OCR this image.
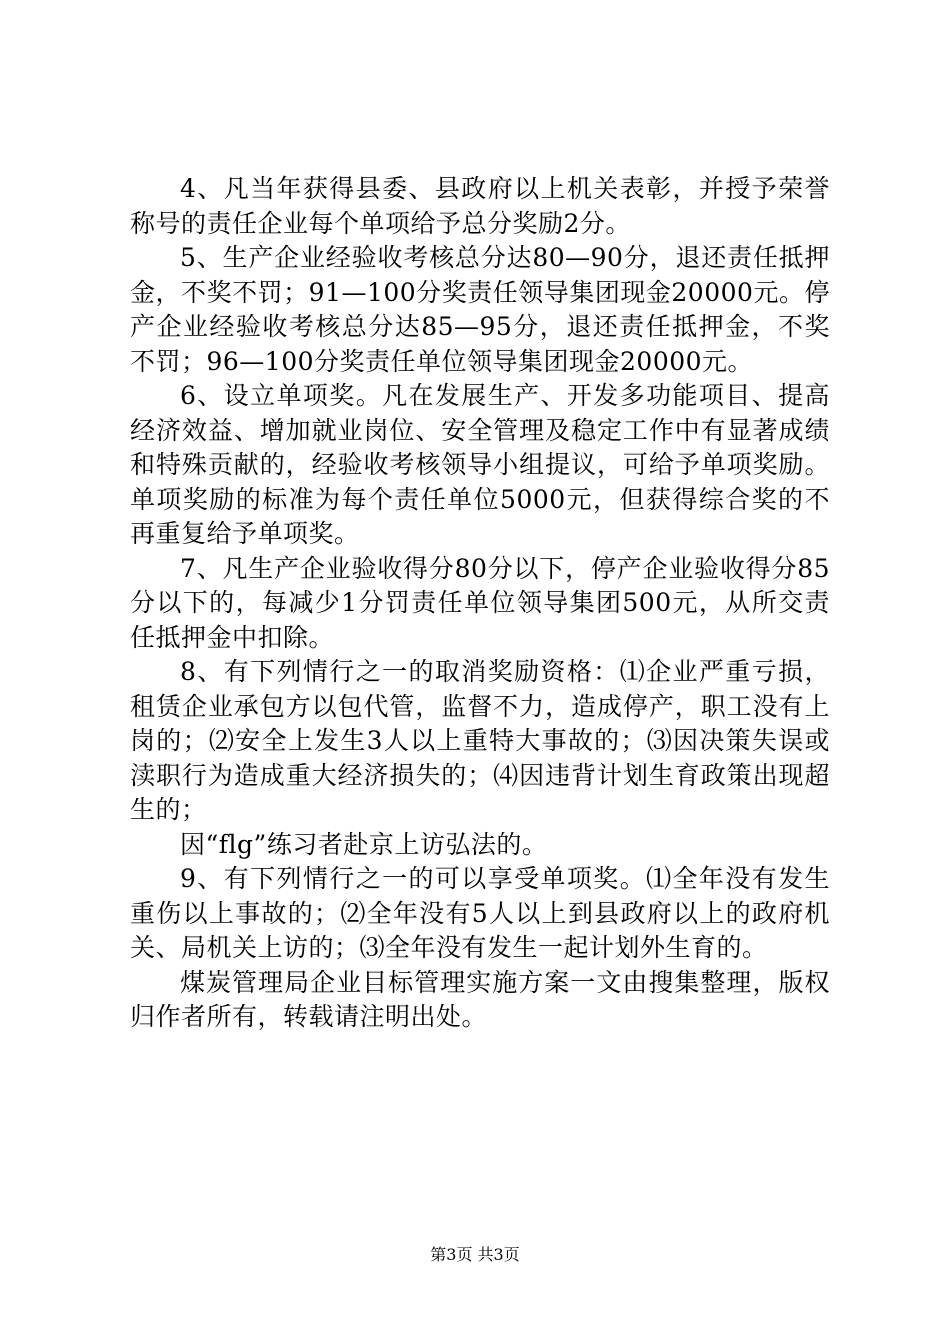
4、凡当年获得县委、县政府以上机关表彰，并授予荣誉称号的责任企业每个单项给予总分奖励2分。

5、生产企业经验收考核总分达80—90分，退还责任抵押金，不奖不罚；91—100分奖责任领导集团现金20000元。停产企业经验收考核总分达85—95分，退还责任抵押金，不奖不罚；96—100分奖责任单位领导集团现金20000元。

6、设立单项奖。凡在发展生产、开发多功能项目、提高经济效益、增加就业岗位、安全管理及稳定工作中有显著成绩和特殊贡献的，经验收考核领导小组提议，可给予单项奖励。单项奖励的标准为每个责任单位5000元，但获得综合奖的不再重复给予单项奖。

7、凡生产企业验收得分80分以下，停产企业验收得分85分以下的，每减少1分罚责任单位领导集团500元，从所交责任抵押金中扣除。

8、有下列情行之一的取消奖励资格：⑴企业严重亏损，租赁企业承包方以包代管，监督不力，造成停产，职工没有上岗的；⑵安全上发生3人以上重特大事故的；⑶因决策失误或渎职行为造成重大经济损失的；⑷因违背计划生育政策出现超生的；

因“flg”练习者赴京上访弘法的。

9、有下列情行之一的可以享受单项奖。⑴全年没有发生重伤以上事故的；⑵全年没有5人以上到县政府以上的政府机关、局机关上访的；⑶全年没有发生一起计划外生育的。

煤炭管理局企业目标管理实施方案一文由搜集整理，版权归作者所有，转载请注明出处。

第3页 共3页
